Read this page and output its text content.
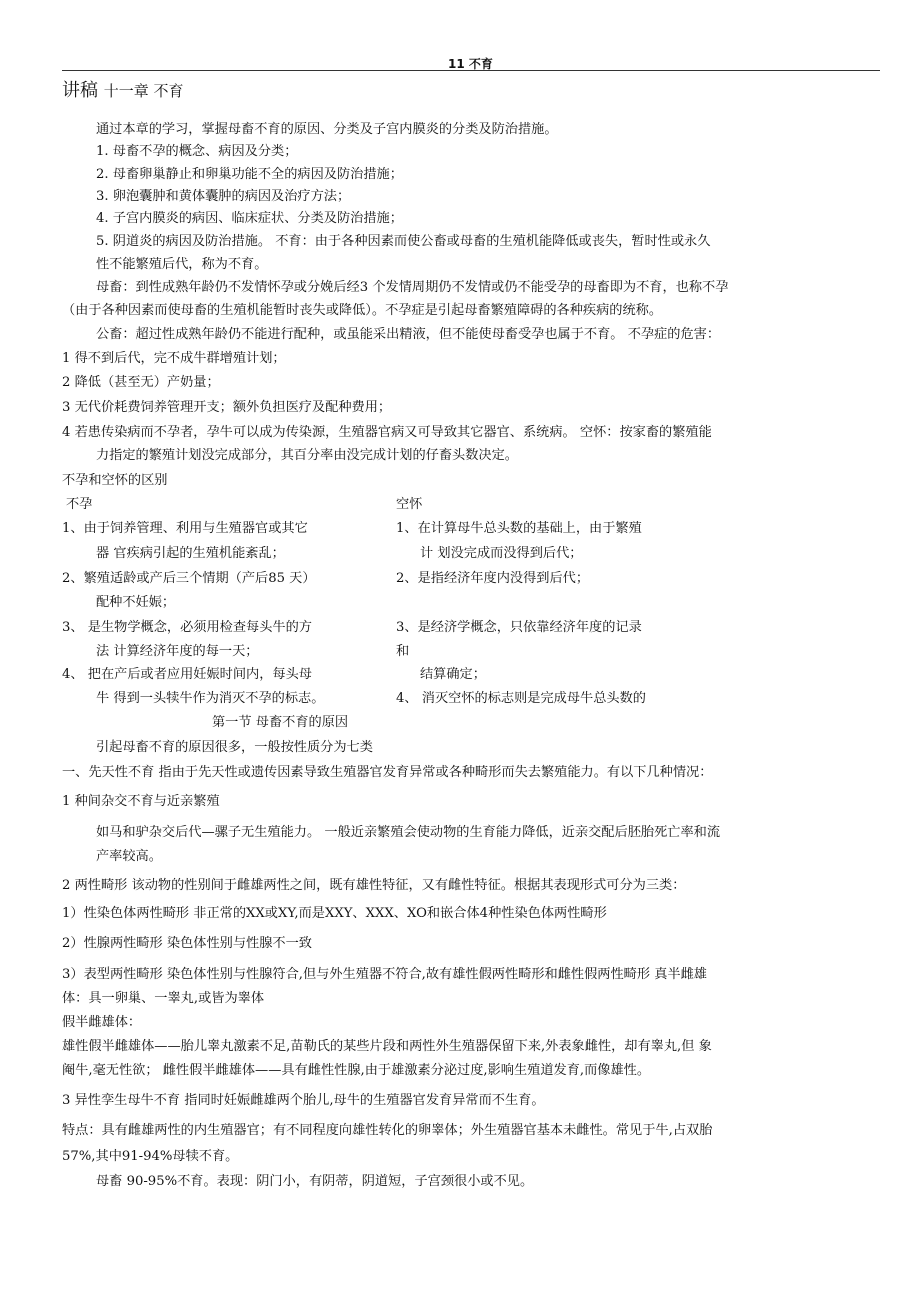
11 不育
讲稿 十一章 不育
通过本章的学习，掌握母畜不育的原因、分类及子宫内膜炎的分类及防治措施。
1. 母畜不孕的概念、病因及分类；
2. 母畜卵巢静止和卵巢功能不全的病因及防治措施；
3. 卵泡囊肿和黄体囊肿的病因及治疗方法；
4. 子宫内膜炎的病因、临床症状、分类及防治措施；
5. 阴道炎的病因及防治措施。 不育：由于各种因素而使公畜或母畜的生殖机能降低或丧失，暂时性或永久
性不能繁殖后代，称为不育。
母畜：到性成熟年龄仍不发情怀孕或分娩后经3 个发情周期仍不发情或仍不能受孕的母畜即为不育，也称不孕
（由于各种因素而使母畜的生殖机能暂时丧失或降低）。不孕症是引起母畜繁殖障碍的各种疾病的统称。
公畜：超过性成熟年龄仍不能进行配种，或虽能采出精液，但不能使母畜受孕也属于不育。 不孕症的危害：
1 得不到后代，完不成牛群增殖计划；
2 降低（甚至无）产奶量；
3 无代价耗费饲养管理开支；额外负担医疗及配种费用；
4 若患传染病而不孕者，孕牛可以成为传染源，生殖器官病又可导致其它器官、系统病。 空怀：按家畜的繁殖能
力指定的繁殖计划没完成部分，其百分率由没完成计划的仔畜头数决定。
不孕和空怀的区别
不孕	空怀
1、由于饲养管理、利用与生殖器官或其它
器 官疾病引起的生殖机能紊乱；
2、繁殖适龄或产后三个情期（产后85 天）
配种不妊娠；
3、 是生物学概念，必须用检查每头牛的方
法 计算经济年度的每一天；
4、 把在产后或者应用妊娠时间内，每头母
牛 得到一头犊牛作为消灭不孕的标志。
1、在计算母牛总头数的基础上，由于繁殖
计 划没完成而没得到后代；
2、是指经济年度内没得到后代；
3、是经济学概念，只依靠经济年度的记录
和
结算确定；
4、 消灭空怀的标志则是完成母牛总头数的
第一节 母畜不育的原因
引起母畜不育的原因很多，一般按性质分为七类
一、先天性不育 指由于先天性或遗传因素导致生殖器官发育异常或各种畸形而失去繁殖能力。有以下几种情况：
1 种间杂交不育与近亲繁殖
如马和驴杂交后代—骡子无生殖能力。 一般近亲繁殖会使动物的生育能力降低，近亲交配后胚胎死亡率和流
产率较高。
2 两性畸形 该动物的性别间于雌雄两性之间，既有雄性特征，又有雌性特征。根据其表现形式可分为三类：
1）性染色体两性畸形 非正常的XX或XY,而是XXY、XXX、XO和嵌合体4种性染色体两性畸形
2）性腺两性畸形 染色体性别与性腺不一致
3）表型两性畸形 染色体性别与性腺符合,但与外生殖器不符合,故有雄性假两性畸形和雌性假两性畸形 真半雌雄
体：具一卵巢、一睾丸,或皆为睾体
假半雌雄体：
雄性假半雌雄体——胎儿睾丸激素不足,苗勒氏的某些片段和两性外生殖器保留下来,外表象雌性，却有睾丸,但 象
阉牛,毫无性欲； 雌性假半雌雄体——具有雌性性腺,由于雄激素分泌过度,影响生殖道发育,而像雄性。
3 异性孪生母牛不育 指同时妊娠雌雄两个胎儿,母牛的生殖器官发育异常而不生育。
特点：具有雌雄两性的内生殖器官；有不同程度向雄性转化的卵睾体；外生殖器官基本未雌性。常见于牛,占双胎
57%,其中91-94%母犊不育。
母畜 90-95%不育。表现：阴门小，有阴蒂，阴道短，子宫颈很小或不见。
